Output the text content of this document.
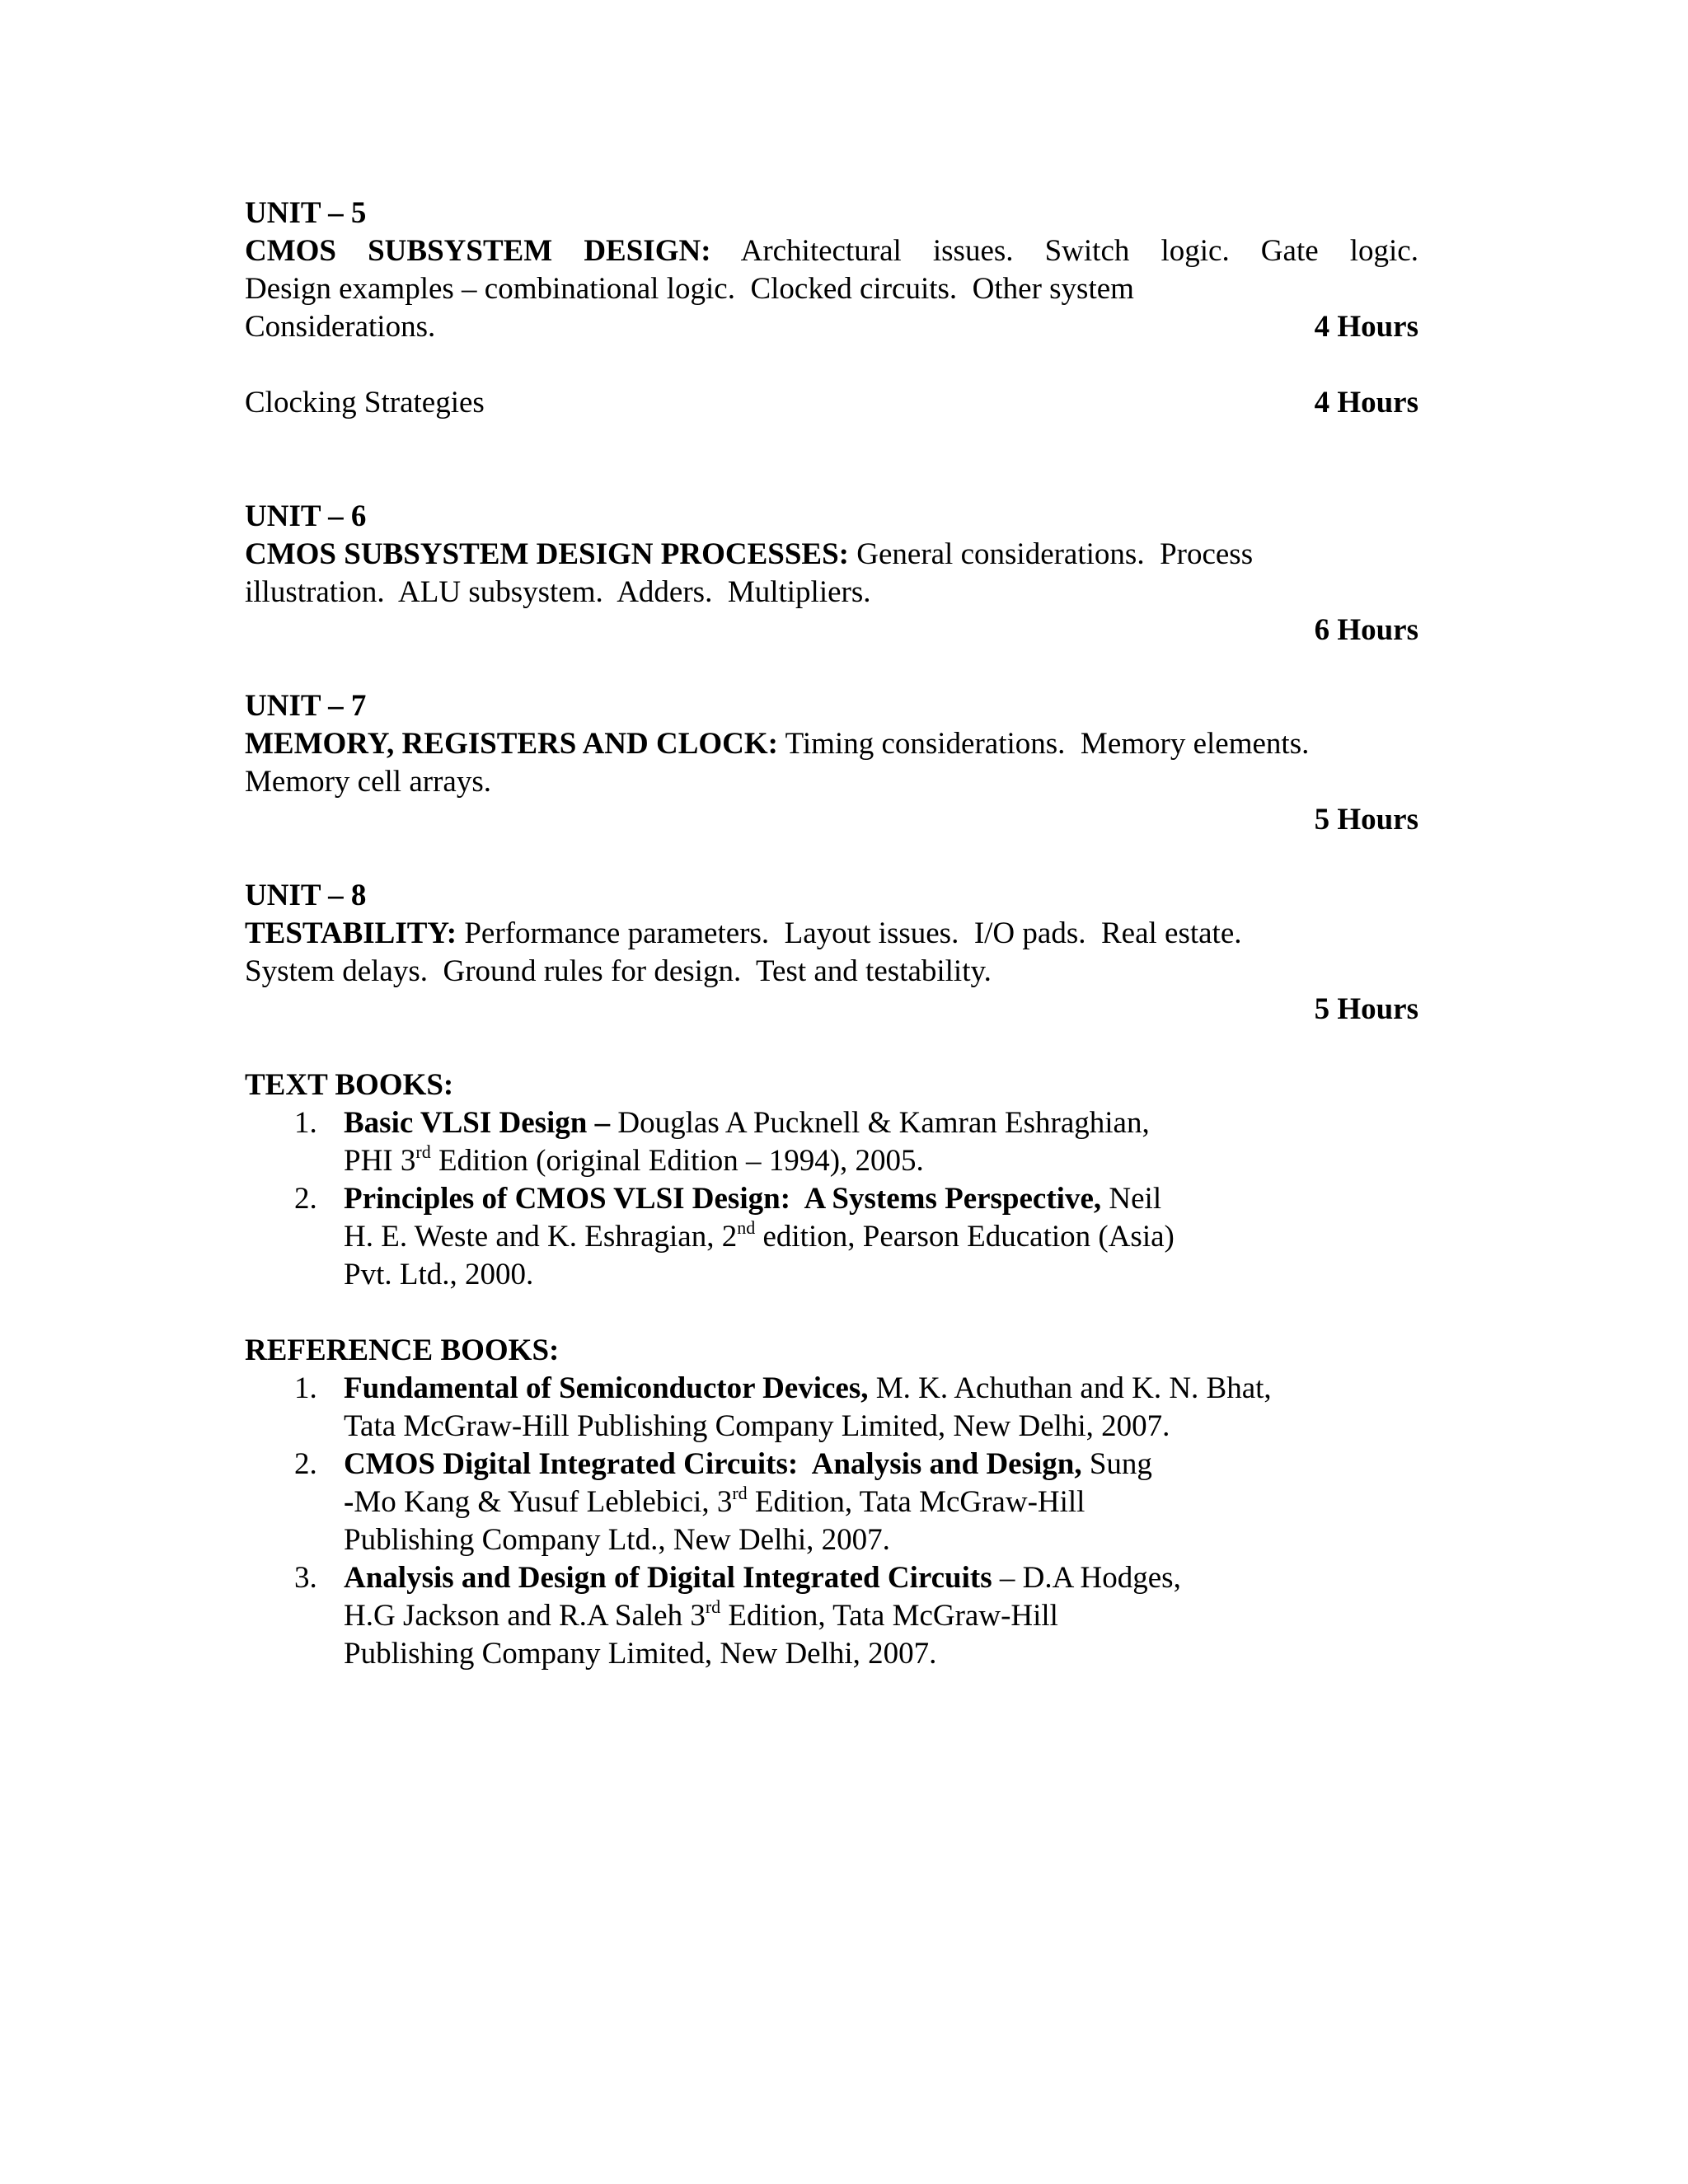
UNIT – 5
CMOS SUBSYSTEM DESIGN: Architectural issues. Switch logic. Gate logic.
Design examples – combinational logic.  Clocked circuits.  Other system
Considerations.	4 Hours
Clocking Strategies	4 Hours
UNIT – 6
CMOS SUBSYSTEM DESIGN PROCESSES: General considerations.  Process
illustration.  ALU subsystem.  Adders.  Multipliers.
6 Hours
UNIT – 7
MEMORY, REGISTERS AND CLOCK: Timing considerations.  Memory elements.
Memory cell arrays.
5 Hours
UNIT – 8
TESTABILITY: Performance parameters.  Layout issues.  I/O pads.  Real estate.
System delays.  Ground rules for design.  Test and testability.
5 Hours
TEXT BOOKS:
1. Basic VLSI Design – Douglas A Pucknell & Kamran Eshraghian,
PHI 3rd Edition (original Edition – 1994), 2005.
2. Principles of CMOS VLSI Design:  A Systems Perspective, Neil
H. E. Weste and K. Eshragian, 2nd edition, Pearson Education (Asia)
Pvt. Ltd., 2000.
REFERENCE BOOKS:
1. Fundamental of Semiconductor Devices, M. K. Achuthan and K. N. Bhat,
Tata McGraw-Hill Publishing Company Limited, New Delhi, 2007.
2. CMOS Digital Integrated Circuits:  Analysis and Design, Sung
-Mo Kang & Yusuf Leblebici, 3rd Edition, Tata McGraw-Hill
Publishing Company Ltd., New Delhi, 2007.
3. Analysis and Design of Digital Integrated Circuits – D.A Hodges,
H.G Jackson and R.A Saleh 3rd Edition, Tata McGraw-Hill
Publishing Company Limited, New Delhi, 2007.
